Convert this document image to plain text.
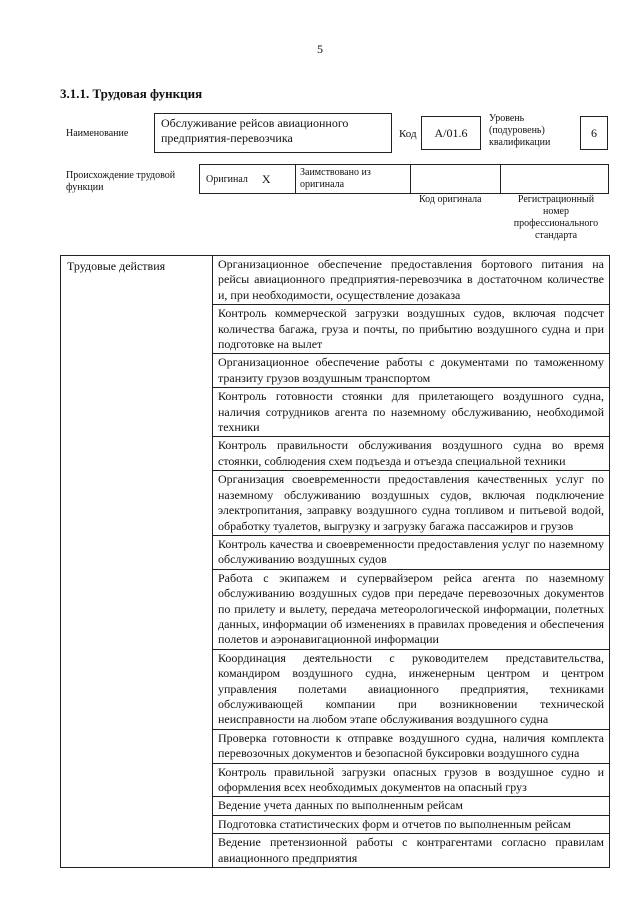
5
3.1.1. Трудовая функция
Наименование
Обслуживание рейсов авиационного предприятия-перевозчика	Код	А/01.6
Уровень (подуровень) квалификации
6
Происхождение трудовой функции
Оригинал X	Заимствовано из оригинала
Код оригинала	Регистрационный номер профессионального стандарта
Трудовые действия	Организационное обеспечение предоставления бортового питания на рейсы авиационного предприятия-перевозчика в достаточном количестве и, при необходимости, осуществление дозаказа
Контроль коммерческой загрузки воздушных судов, включая подсчет количества багажа, груза и почты, по прибытию воздушного судна и при подготовке на вылет
Организационное обеспечение работы с документами по таможенному транзиту грузов воздушным транспортом
Контроль готовности стоянки для прилетающего воздушного судна, наличия сотрудников агента по наземному обслуживанию, необходимой техники
Контроль правильности обслуживания воздушного судна во время стоянки, соблюдения схем подъезда и отъезда специальной техники
Организация своевременности предоставления качественных услуг по наземному обслуживанию воздушных судов, включая подключение электропитания, заправку воздушного судна топливом и питьевой водой, обработку туалетов, выгрузку и загрузку багажа пассажиров и грузов
Контроль качества и своевременности предоставления услуг по наземному обслуживанию воздушных судов
Работа с экипажем и супервайзером рейса агента по наземному обслуживанию воздушных судов при передаче перевозочных документов по прилету и вылету, передача метеорологической информации, полетных данных, информации об изменениях в правилах проведения и обеспечения полетов и аэронавигационной информации
Координация деятельности с руководителем представительства, командиром воздушного судна, инженерным центром и центром управления полетами авиационного предприятия, техниками обслуживающей компании при возникновении технической неисправности на любом этапе обслуживания воздушного судна
Проверка готовности к отправке воздушного судна, наличия комплекта перевозочных документов и безопасной буксировки воздушного судна
Контроль правильной загрузки опасных грузов в воздушное судно и оформления всех необходимых документов на опасный груз
Ведение учета данных по выполненным рейсам
Подготовка статистических форм и отчетов по выполненным рейсам
Ведение претензионной работы с контрагентами согласно правилам авиационного предприятия
